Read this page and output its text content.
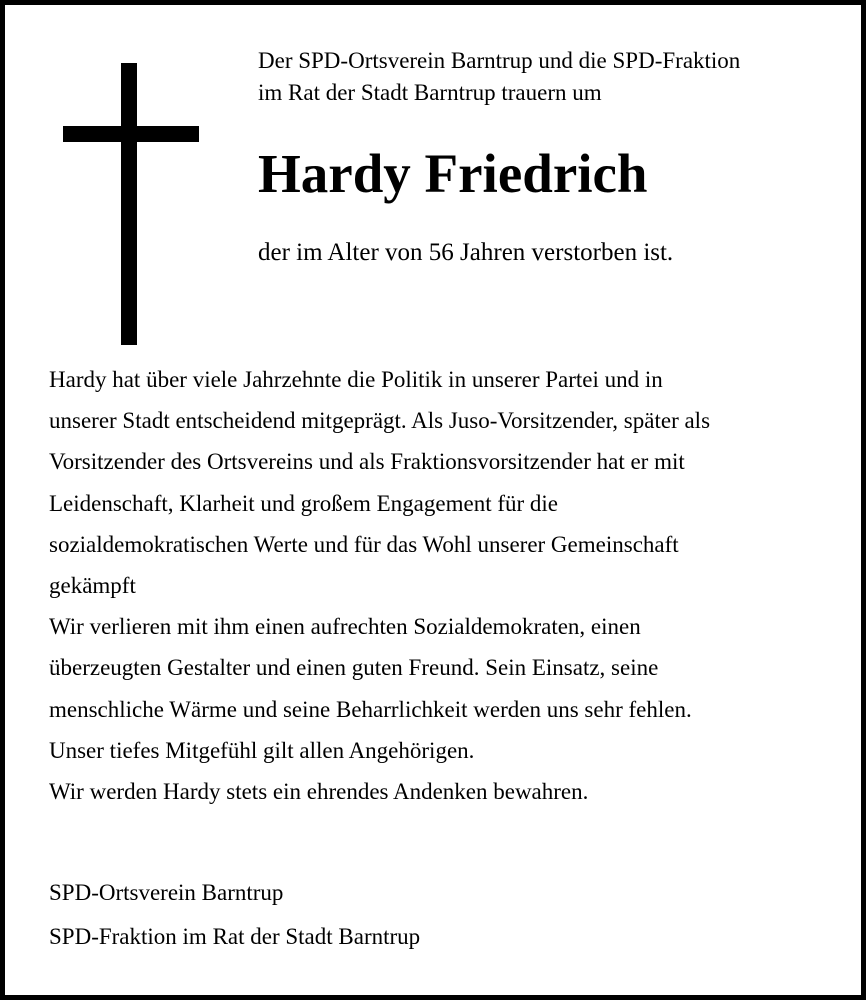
Der SPD-Ortsverein Barntrup und die SPD-Fraktion
im Rat der Stadt Barntrup trauern um
Hardy Friedrich
der im Alter von 56 Jahren verstorben ist.
Hardy hat über viele Jahrzehnte die Politik in unserer Partei und in
unserer Stadt entscheidend mitgeprägt. Als Juso-Vorsitzender, später als
Vorsitzender des Ortsvereins und als Fraktionsvorsitzender hat er mit
Leidenschaft, Klarheit und großem Engagement für die
sozialdemokratischen Werte und für das Wohl unserer Gemeinschaft
gekämpft
Wir verlieren mit ihm einen aufrechten Sozialdemokraten, einen
überzeugten Gestalter und einen guten Freund. Sein Einsatz, seine
menschliche Wärme und seine Beharrlichkeit werden uns sehr fehlen.
Unser tiefes Mitgefühl gilt allen Angehörigen.
Wir werden Hardy stets ein ehrendes Andenken bewahren.
SPD-Ortsverein Barntrup
SPD-Fraktion im Rat der Stadt Barntrup
